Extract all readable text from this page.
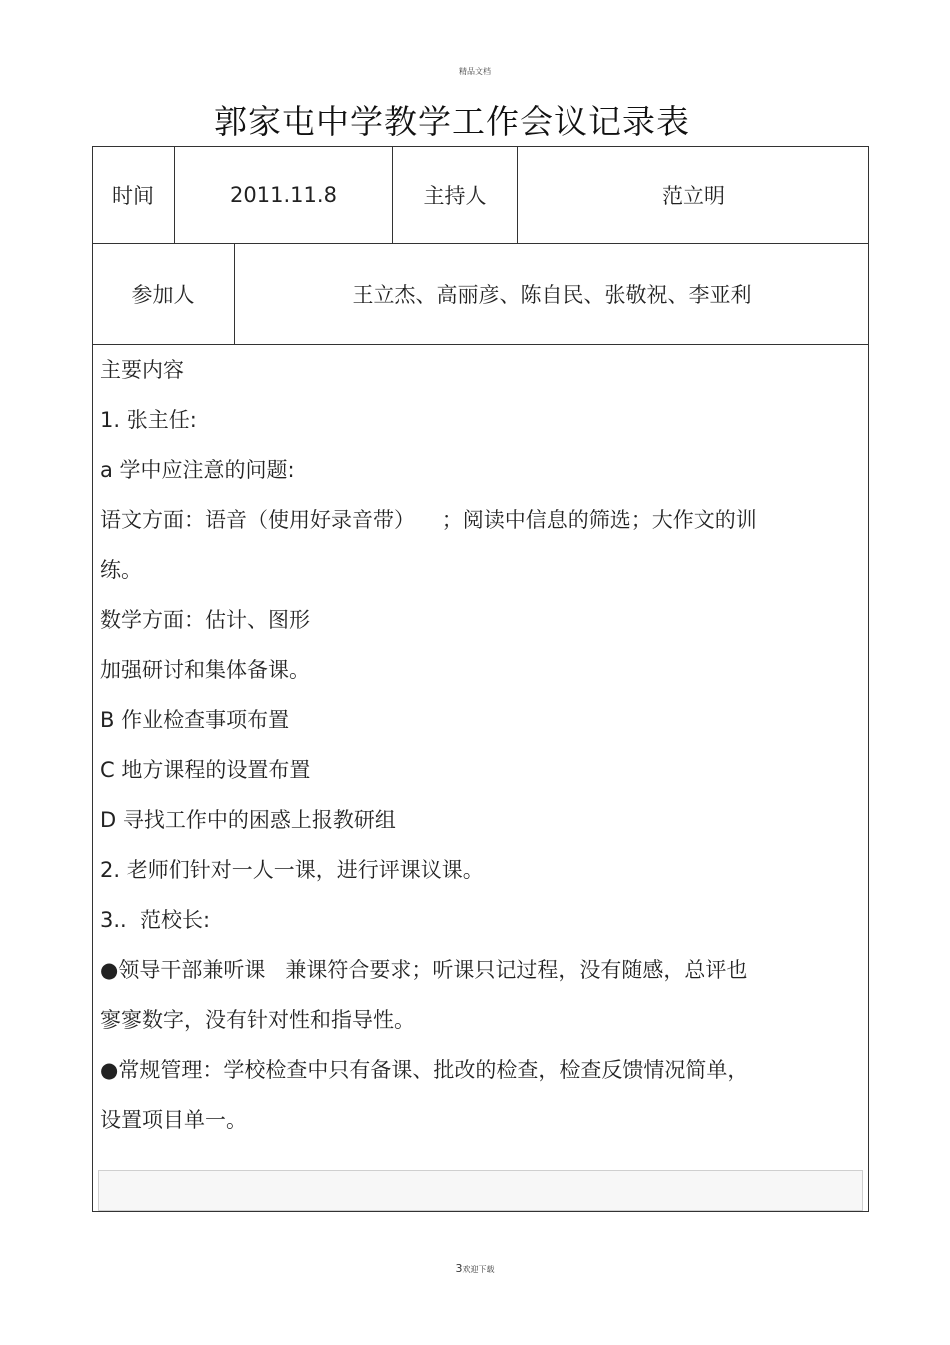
精品文档
郭家屯中学教学工作会议记录表
时间	2011.11.8	主持人	范立明
参加人	王立杰、高丽彦、陈自民、张敬祝、李亚利

主要内容

1. 张主任:

a 学中应注意的问题:

语文方面：语音（使用好录音带）    ；阅读中信息的筛选；大作文的训

练。

数学方面：估计、图形

加强研讨和集体备课。

B 作业检查事项布置

C 地方课程的设置布置

D 寻找工作中的困惑上报教研组

2. 老师们针对一人一课，进行评课议课。

3..  范校长:

●领导干部兼听课   兼课符合要求；听课只记过程，没有随感，总评也

寥寥数字，没有针对性和指导性。

●常规管理：学校检查中只有备课、批改的检查，检查反馈情况简单，

设置项目单一。

3欢迎下载
